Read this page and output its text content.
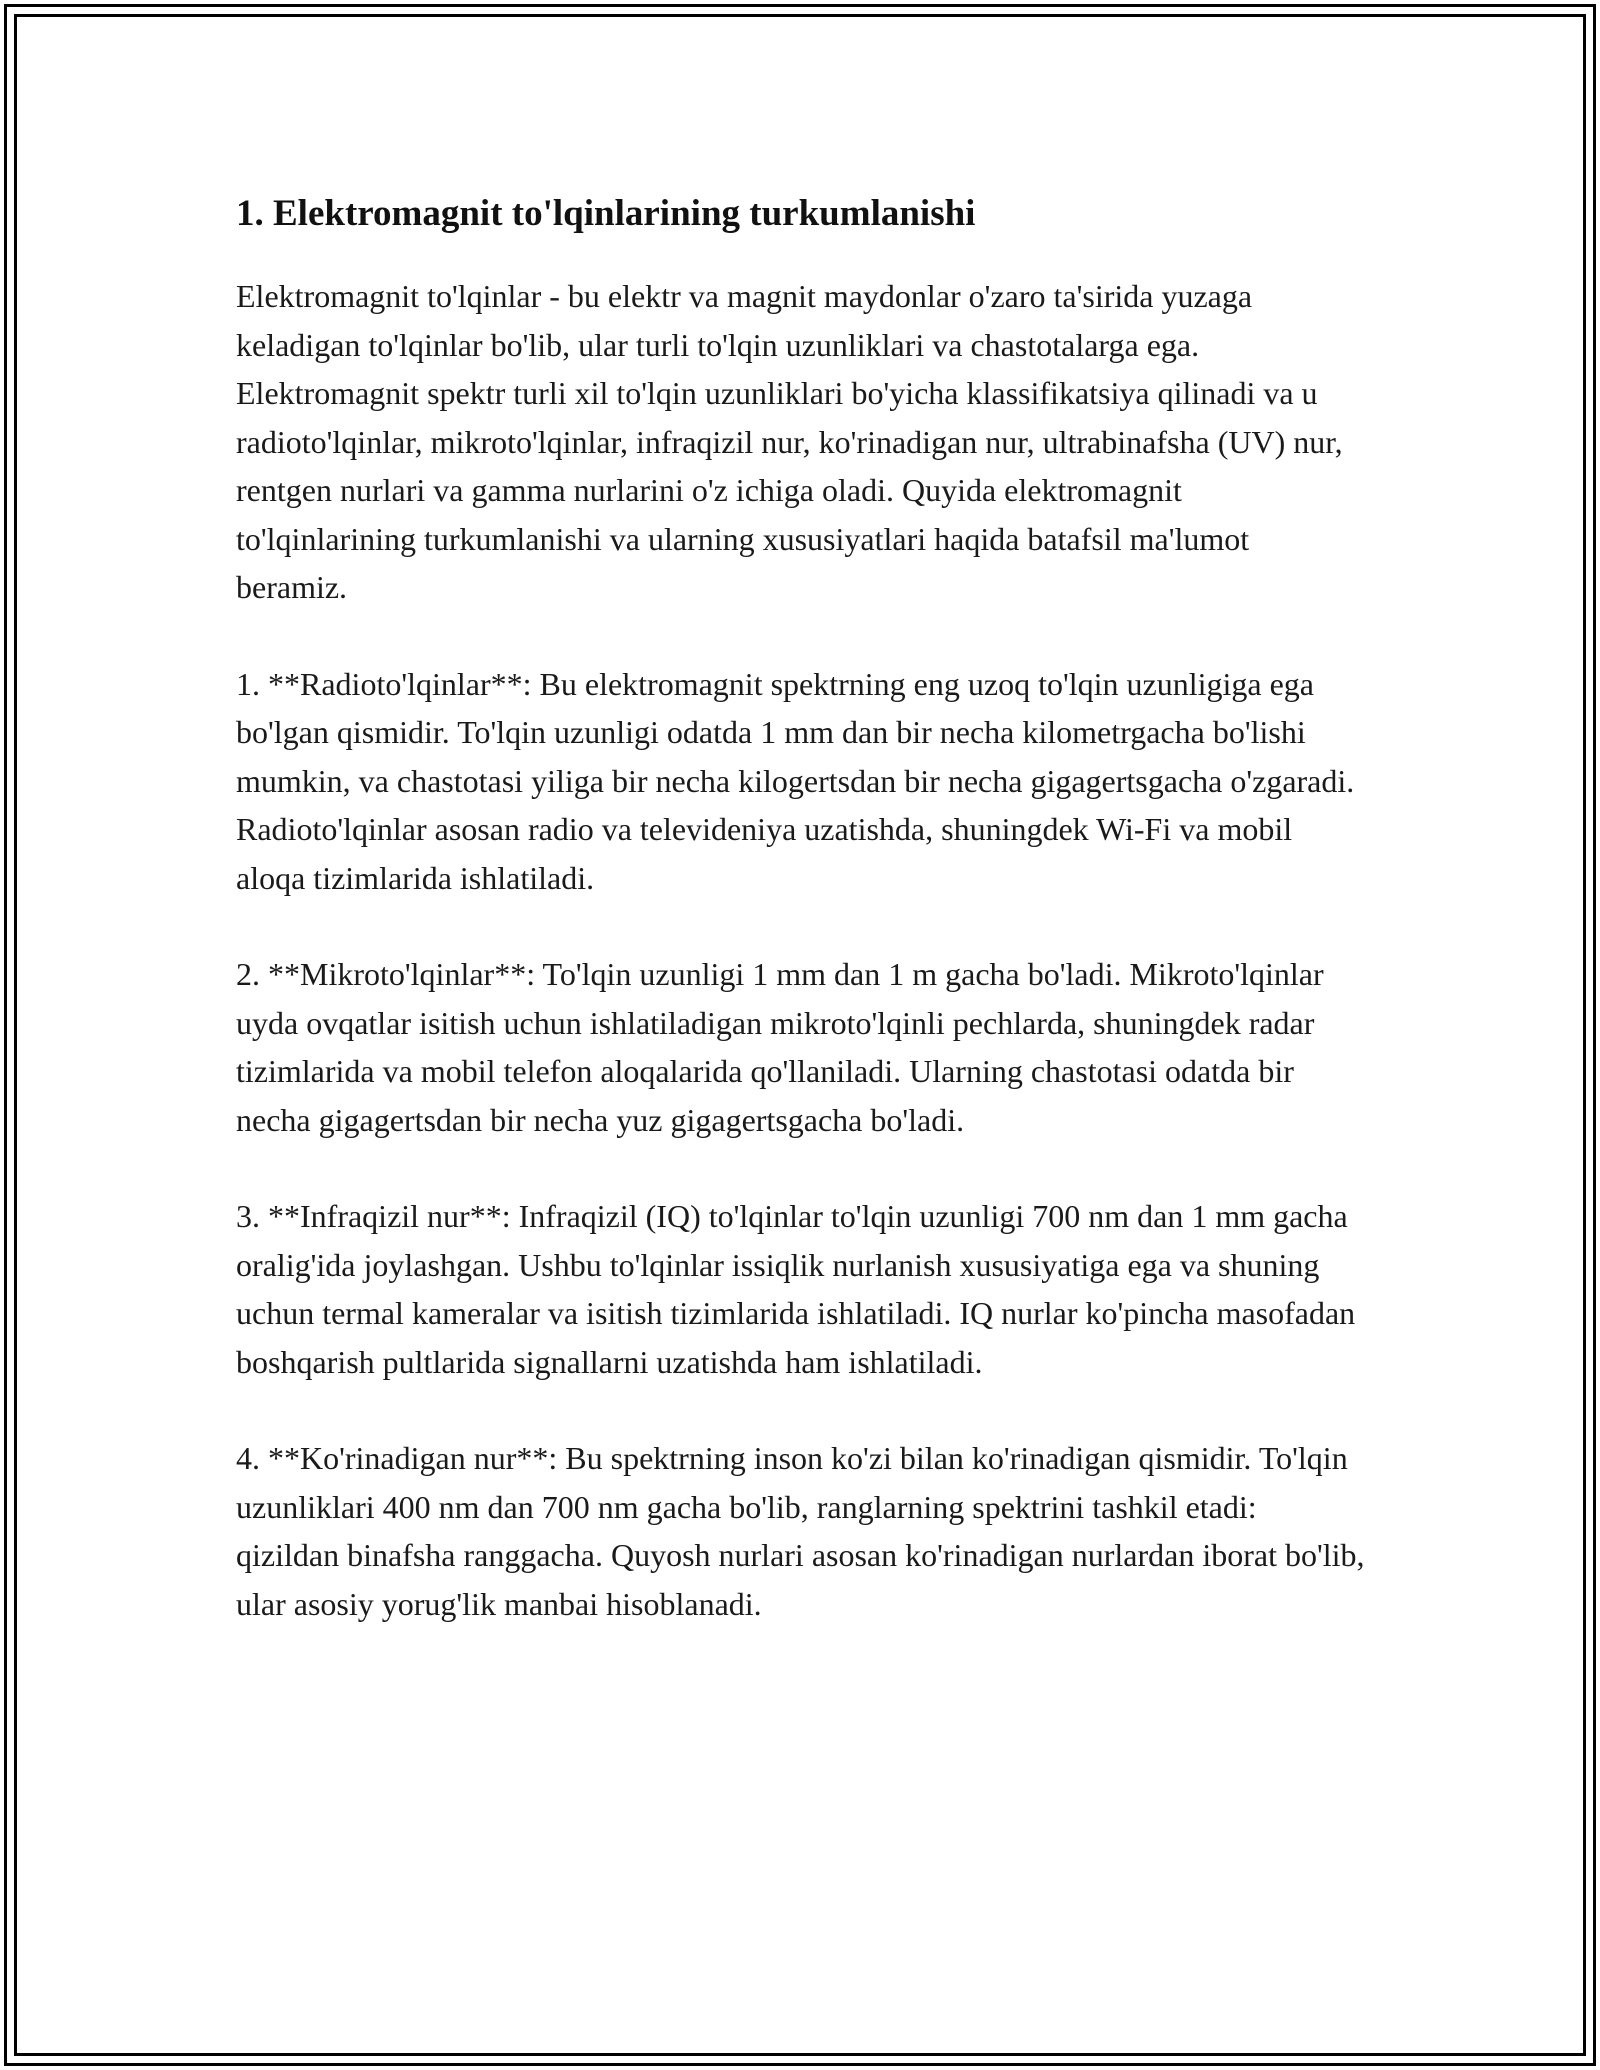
1. Elektromagnit to'lqinlarining turkumlanishi

Elektromagnit to'lqinlar - bu elektr va magnit maydonlar o'zaro ta'sirida yuzaga keladigan to'lqinlar bo'lib, ular turli to'lqin uzunliklari va chastotalarga ega. Elektromagnit spektr turli xil to'lqin uzunliklari bo'yicha klassifikatsiya qilinadi va u radioto'lqinlar, mikroto'lqinlar, infraqizil nur, ko'rinadigan nur, ultrabinafsha (UV) nur, rentgen nurlari va gamma nurlarini o'z ichiga oladi. Quyida elektromagnit to'lqinlarining turkumlanishi va ularning xususiyatlari haqida batafsil ma'lumot beramiz.

1. **Radioto'lqinlar**: Bu elektromagnit spektrning eng uzoq to'lqin uzunligiga ega bo'lgan qismidir. To'lqin uzunligi odatda 1 mm dan bir necha kilometrgacha bo'lishi mumkin, va chastotasi yiliga bir necha kilogertsdan bir necha gigagertsgacha o'zgaradi. Radioto'lqinlar asosan radio va televideniya uzatishda, shuningdek Wi-Fi va mobil aloqa tizimlarida ishlatiladi.

2. **Mikroto'lqinlar**: To'lqin uzunligi 1 mm dan 1 m gacha bo'ladi. Mikroto'lqinlar uyda ovqatlar isitish uchun ishlatiladigan mikroto'lqinli pechlarda, shuningdek radar tizimlarida va mobil telefon aloqalarida qo'llaniladi. Ularning chastotasi odatda bir necha gigagertsdan bir necha yuz gigagertsgacha bo'ladi.

3. **Infraqizil nur**: Infraqizil (IQ) to'lqinlar to'lqin uzunligi 700 nm dan 1 mm gacha oralig'ida joylashgan. Ushbu to'lqinlar issiqlik nurlanish xususiyatiga ega va shuning uchun termal kameralar va isitish tizimlarida ishlatiladi. IQ nurlar ko'pincha masofadan boshqarish pultlarida signallarni uzatishda ham ishlatiladi.

4. **Ko'rinadigan nur**: Bu spektrning inson ko'zi bilan ko'rinadigan qismidir. To'lqin uzunliklari 400 nm dan 700 nm gacha bo'lib, ranglarning spektrini tashkil etadi: qizildan binafsha ranggacha. Quyosh nurlari asosan ko'rinadigan nurlardan iborat bo'lib, ular asosiy yorug'lik manbai hisoblanadi.
